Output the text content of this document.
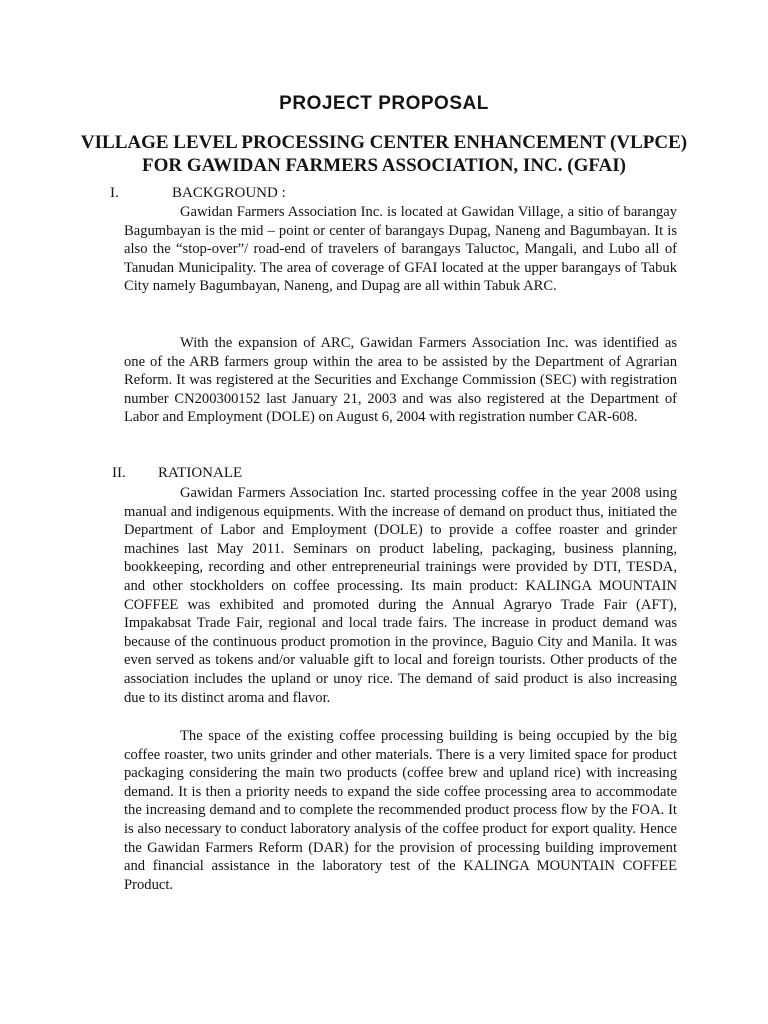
PROJECT PROPOSAL
VILLAGE LEVEL PROCESSING CENTER ENHANCEMENT (VLPCE)
FOR GAWIDAN FARMERS ASSOCIATION, INC. (GFAI)
I.	BACKGROUND :

Gawidan Farmers Association Inc. is located at Gawidan Village, a sitio of barangay Bagumbayan is the mid – point or center of barangays Dupag, Naneng and Bagumbayan. It is also the “stop-over”/ road-end of travelers of barangays Taluctoc, Mangali, and Lubo all of Tanudan Municipality. The area of coverage of GFAI located at the upper barangays of Tabuk City namely Bagumbayan, Naneng, and Dupag are all within Tabuk ARC.

With the expansion of ARC, Gawidan Farmers Association Inc. was identified as one of the ARB farmers group within the area to be assisted by the Department of Agrarian Reform. It was registered at the Securities and Exchange Commission (SEC) with registration number CN200300152 last January 21, 2003 and was also registered at the Department of Labor and Employment (DOLE) on August 6, 2004 with registration number CAR-608.

II. RATIONALE

Gawidan Farmers Association Inc. started processing coffee in the year 2008 using manual and indigenous equipments. With the increase of demand on product thus, initiated the Department of Labor and Employment (DOLE) to provide a coffee roaster and grinder machines last May 2011. Seminars on product labeling, packaging, business planning, bookkeeping, recording and other entrepreneurial trainings were provided by DTI, TESDA, and other stockholders on coffee processing. Its main product: KALINGA MOUNTAIN COFFEE was exhibited and promoted during the Annual Agraryo Trade Fair (AFT), Impakabsat Trade Fair, regional and local trade fairs. The increase in product demand was because of the continuous product promotion in the province, Baguio City and Manila. It was even served as tokens and/or valuable gift to local and foreign tourists. Other products of the association includes the upland or unoy rice. The demand of said product is also increasing due to its distinct aroma and flavor.

The space of the existing coffee processing building is being occupied by the big coffee roaster, two units grinder and other materials. There is a very limited space for product packaging considering the main two products (coffee brew and upland rice) with increasing demand. It is then a priority needs to expand the side coffee processing area to accommodate the increasing demand and to complete the recommended product process flow by the FOA. It is also necessary to conduct laboratory analysis of the coffee product for export quality. Hence the Gawidan Farmers Reform (DAR) for the provision of processing building improvement and financial assistance in the laboratory test of the KALINGA MOUNTAIN COFFEE Product.
